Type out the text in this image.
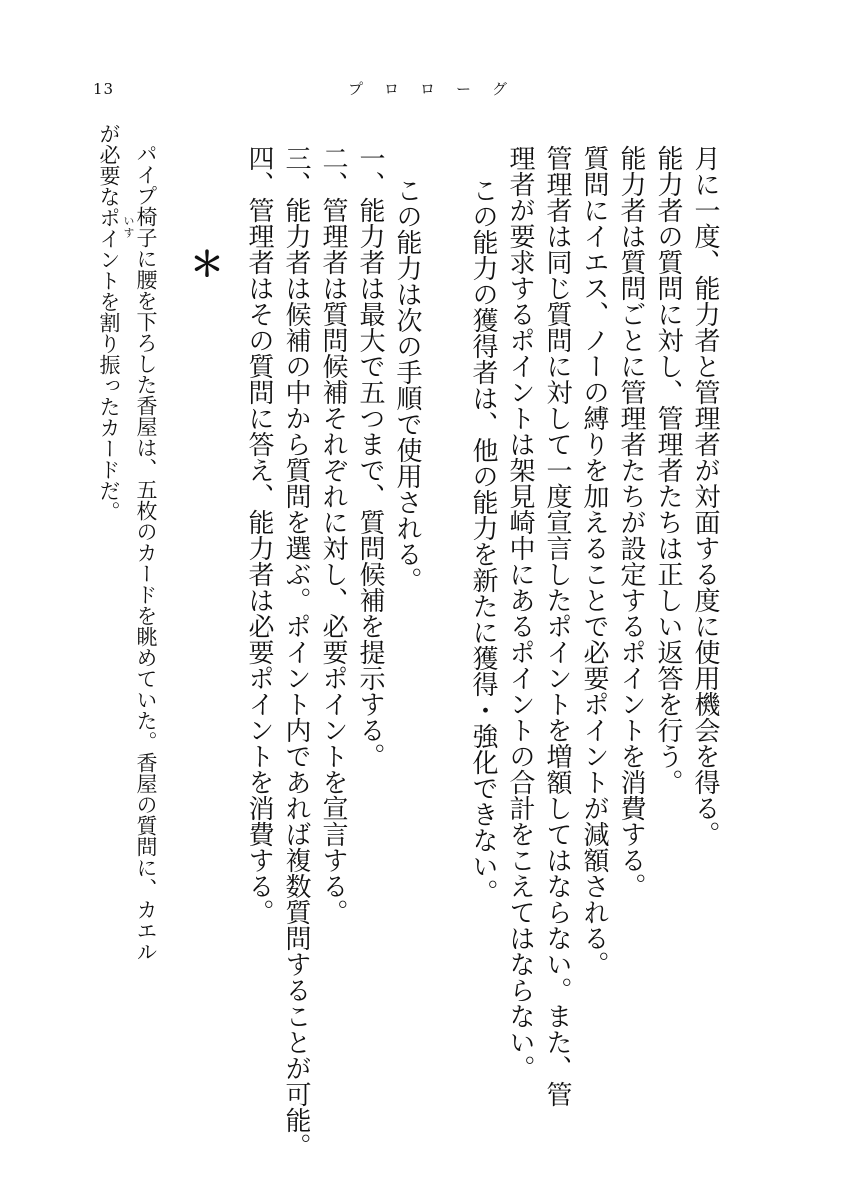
13	プロローグ
月に一度、能力者と管理者が対面する度に使用機会を得る。
能力者の質問に対し、管理者たちは正しい返答を行う。
能力者は質問ごとに管理者たちが設定するポイントを消費する。
質問にイエス、ノーの縛りを加えることで必要ポイントが減額される。
管理者は同じ質問に対して一度宣言したポイントを増額してはならない。また、管
理者が要求するポイントは架見崎中にあるポイントの合計をこえてはならない。
この能力の獲得者は、他の能力を新たに獲得・強化できない。
この能力は次の手順で使用される。
一、能力者は最大で五つまで、質問候補を提示する。
二、管理者は質問候補それぞれに対し、必要ポイントを宣言する。
三、能力者は候補の中から質問を選ぶ。ポイント内であれば複数質問することが可能。
四、管理者はその質問に答え、能力者は必要ポイントを消費する。
＊
パイプ椅子
いす
に腰を下ろした香屋は、五枚のカードを眺めていた。香屋の質問に、カエル
が必要なポイントを割り振ったカードだ。
